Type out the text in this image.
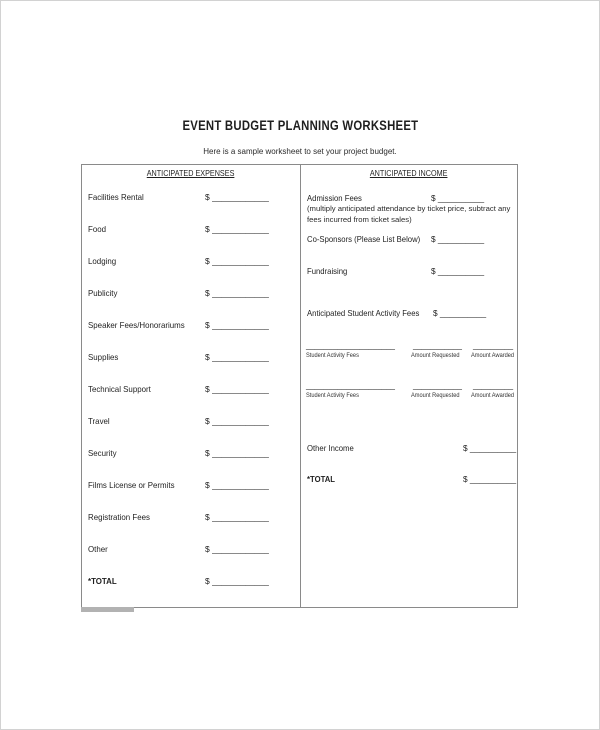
EVENT BUDGET PLANNING WORKSHEET
Here is a sample worksheet to set your project budget.
ANTICIPATED EXPENSES
Facilities Rental	$ ____________
Food	$ ____________
Lodging	$ ____________
Publicity	$ ____________
Speaker Fees/Honorariums	$ ____________
Supplies	$ ____________
Technical Support	$ ____________
Travel	$ ____________
Security	$ ____________
Films License or Permits	$ ____________
Registration Fees	$ ____________
Other	$ ____________
*TOTAL	$ ____________
ANTICIPATED INCOME
Admission Fees	$ __________
(multiply anticipated attendance by ticket price, subtract any fees incurred from ticket sales)
Co-Sponsors (Please List Below) $ __________
Fundraising	$ __________
Anticipated Student Activity Fees $ __________
____________________ ___________ _________
Student Activity Fees	Amount Requested	Amount Awarded
____________________ ___________ _________
Student Activity Fees	Amount Requested	Amount Awarded
Other Income	$ __________
*TOTAL	$ __________
